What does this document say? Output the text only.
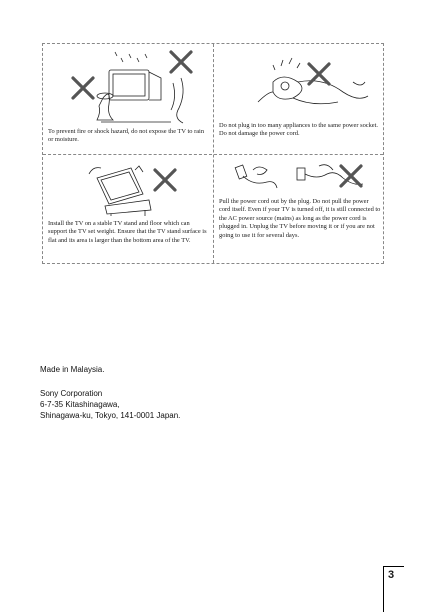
To prevent fire or shock hazard, do not expose the TV to rain or moisture.

Do not plug in too many appliances to the same power socket. Do not damage the power cord.

Install the TV on a stable TV stand and floor which can support the TV set weight. Ensure that the TV stand surface is flat and its area is larger than the bottom area of the TV.

Pull the power cord out by the plug. Do not pull the power cord itself. Even if your TV is turned off, it is still connected to the AC power source (mains) as long as the power cord is plugged in. Unplug the TV before moving it or if you are not going to use it for several days.

Made in Malaysia.

Sony Corporation

6-7-35 Kitashinagawa,

Shinagawa-ku, Tokyo, 141-0001 Japan.

3
